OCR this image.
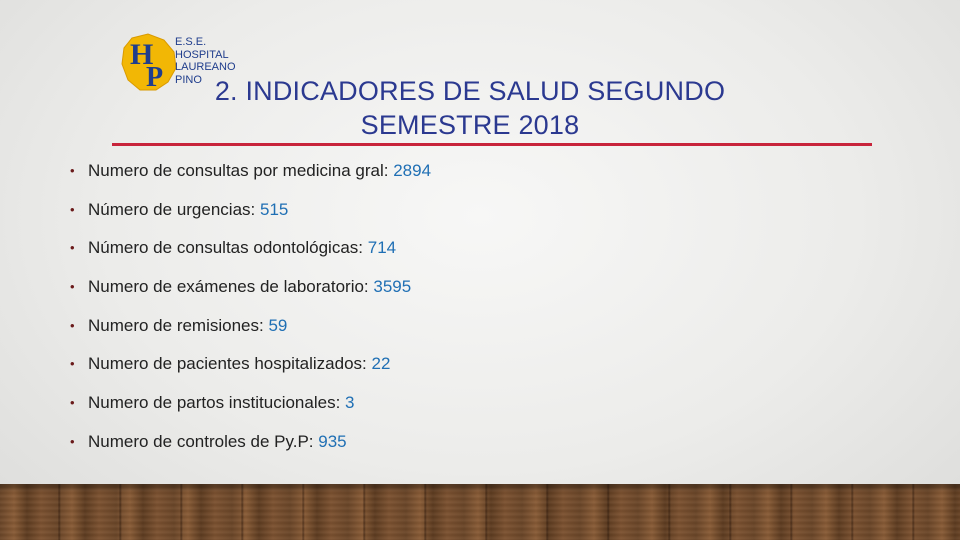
H
P
E.S.E.
HOSPITAL
LAUREANO
PINO 2. INDICADORES DE SALUD SEGUNDO
SEMESTRE 2018
• Numero de consultas por medicina gral: 2894
• Número de urgencias: 515
• Número de consultas odontológicas: 714
• Numero de exámenes de laboratorio: 3595
• Numero de remisiones: 59
• Numero de pacientes hospitalizados: 22
• Numero de partos institucionales: 3
• Numero de controles de Py.P: 935
